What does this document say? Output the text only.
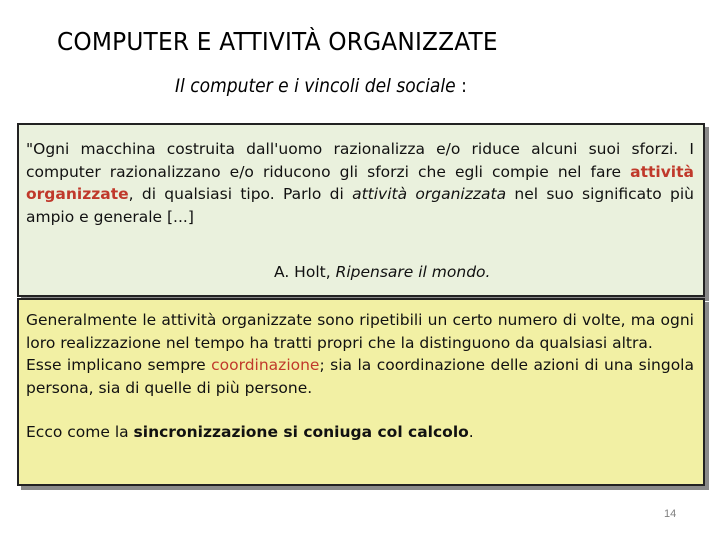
COMPUTER E ATTIVITÀ ORGANIZZATE
Il computer e i vincoli del sociale :
"Ogni macchina costruita dall'uomo razionalizza e/o riduce alcuni suoi sforzi. I computer razionalizzano e/o riducono gli sforzi che egli compie nel fare attività organizzate, di qualsiasi tipo. Parlo di attività organizzata nel suo significato più ampio e generale [...]
A. Holt, Ripensare il mondo.
Generalmente le attività organizzate sono ripetibili un certo numero di volte, ma ogni loro realizzazione nel tempo ha tratti propri che la distinguono da qualsiasi altra.
Esse implicano sempre coordinazione; sia la coordinazione delle azioni di una singola persona, sia di quelle di più persone.
Ecco come la sincronizzazione si coniuga col calcolo.
14
